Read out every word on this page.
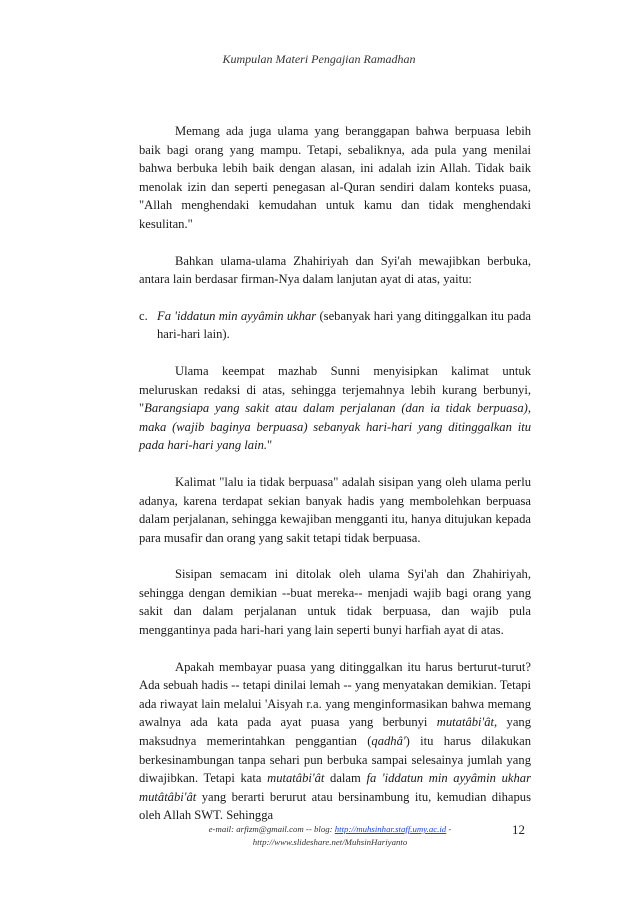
Kumpulan Materi Pengajian Ramadhan

Memang ada juga ulama yang beranggapan bahwa berpuasa lebih baik bagi orang yang mampu. Tetapi, sebaliknya, ada pula yang menilai bahwa berbuka lebih baik dengan alasan, ini adalah izin Allah. Tidak baik menolak izin dan seperti penegasan al-Quran sendiri dalam konteks puasa, "Allah menghendaki kemudahan untuk kamu dan tidak menghendaki kesulitan."

Bahkan ulama-ulama Zhahiriyah dan Syi'ah mewajibkan berbuka, antara lain berdasar firman-Nya dalam lanjutan ayat di atas, yaitu:

c. Fa 'iddatun min ayyâmin ukhar (sebanyak hari yang ditinggalkan itu pada hari-hari lain).

Ulama keempat mazhab Sunni menyisipkan kalimat untuk meluruskan redaksi di atas, sehingga terjemahnya lebih kurang berbunyi, "Barangsiapa yang sakit atau dalam perjalanan (dan ia tidak berpuasa), maka (wajib baginya berpuasa) sebanyak hari-hari yang ditinggalkan itu pada hari-hari yang lain."

Kalimat "lalu ia tidak berpuasa" adalah sisipan yang oleh ulama perlu adanya, karena terdapat sekian banyak hadis yang membolehkan berpuasa dalam perjalanan, sehingga kewajiban mengganti itu, hanya ditujukan kepada para musafir dan orang yang sakit tetapi tidak berpuasa.

Sisipan semacam ini ditolak oleh ulama Syi'ah dan Zhahiriyah, sehingga dengan demikian --buat mereka-- menjadi wajib bagi orang yang sakit dan dalam perjalanan untuk tidak berpuasa, dan wajib pula menggantinya pada hari-hari yang lain seperti bunyi harfiah ayat di atas.

Apakah membayar puasa yang ditinggalkan itu harus berturut-turut? Ada sebuah hadis -- tetapi dinilai lemah -- yang menyatakan demikian. Tetapi ada riwayat lain melalui 'Aisyah r.a. yang menginformasikan bahwa memang awalnya ada kata pada ayat puasa yang berbunyi mutatâbi'ât, yang maksudnya memerintahkan penggantian (qadhâ') itu harus dilakukan berkesinambungan tanpa sehari pun berbuka sampai selesainya jumlah yang diwajibkan. Tetapi kata mutatâbi'ât dalam fa 'iddatun min ayyâmin ukhar mutâtâbi'ât yang berarti berurut atau bersinambung itu, kemudian dihapus oleh Allah SWT. Sehingga

e-mail: arfizm@gmail.com -- blog: http://muhsinhar.staff.umy.ac.id -
http://www.slideshare.net/MuhsinHariyanto
12
